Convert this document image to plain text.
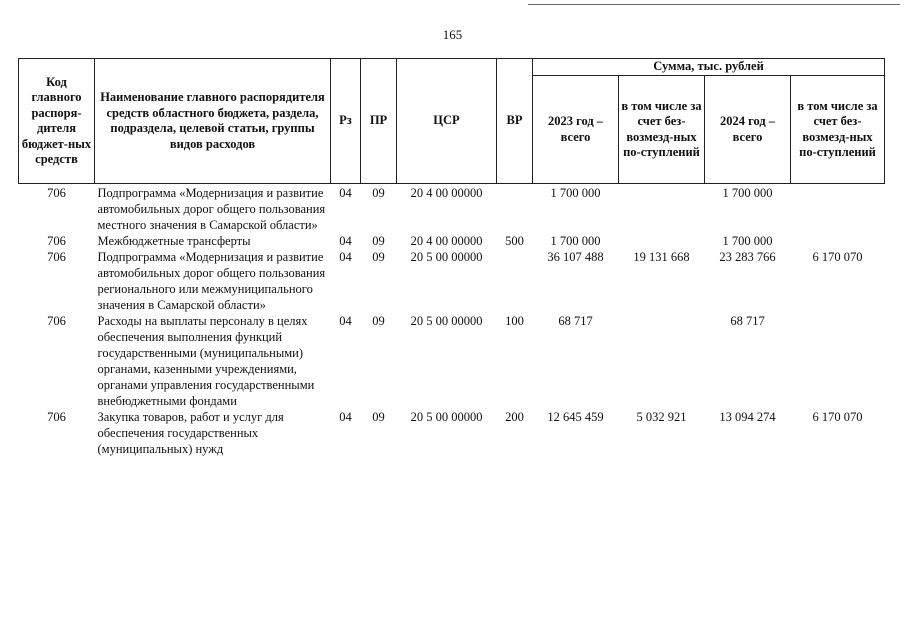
165
Код главного распоря-дителя бюджет-ных средств	Наименование главного распорядителя средств областного бюджета, раздела, подраздела, целевой статьи, группы видов расходов	Рз	ПР	ЦСР	ВР	Сумма, тыс. рублей			
						2023 год – всего	в том числе за счет без-возмезд-ных по-ступлений	2024 год – всего	в том числе за счет без-возмезд-ных по-ступлений
706	Подпрограмма «Модернизация и развитие автомобильных дорог общего пользования местного значения в Самарской области»	04	09	20 4 00 00000		1 700 000		1 700 000	
706	Межбюджетные трансферты	04	09	20 4 00 00000	500	1 700 000		1 700 000	
706	Подпрограмма «Модернизация и развитие автомобильных дорог общего пользования регионального или межмуниципального значения в Самарской области»	04	09	20 5 00 00000		36 107 488	19 131 668	23 283 766	6 170 070
706	Расходы на выплаты персоналу в целях обеспечения выполнения функций государственными (муниципальными) органами, казенными учреждениями, органами управления государственными внебюджетными фондами	04	09	20 5 00 00000	100	68 717		68 717	
706	Закупка товаров, работ и услуг для обеспечения государственных (муниципальных) нужд	04	09	20 5 00 00000	200	12 645 459	5 032 921	13 094 274	6 170 070
